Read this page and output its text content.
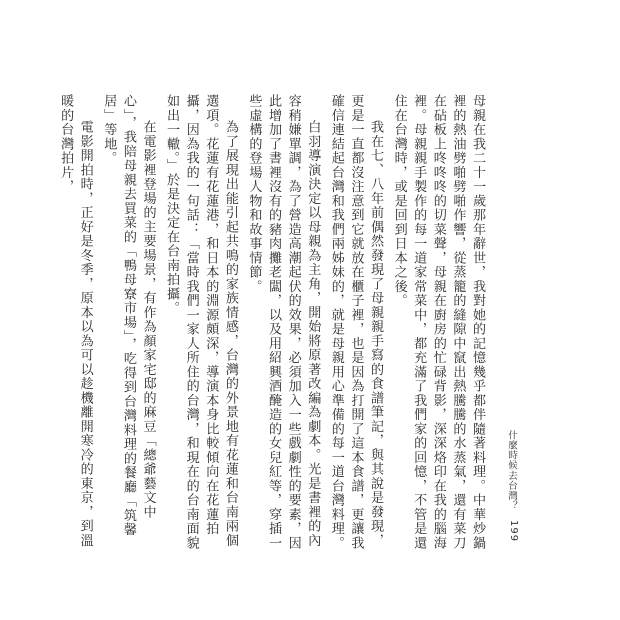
什麼時候去台灣？
199

母親在我二十一歲那年辭世，我對她的記憶幾乎都伴隨著料理。中華炒鍋裡的熱油劈啪劈啪作響，從蒸籠的縫隙中竄出熱騰騰的水蒸氣，還有菜刀在砧板上咚咚咚的切菜聲，母親在廚房的忙碌背影，深深烙印在我的腦海裡。母親親手製作的每一道家常菜中，都充滿了我們家的回憶，不管是還住在台灣時，或是回到日本之後。

我在七、八年前偶然發現了母親親手寫的食譜筆記，與其說是發現，更是一直都沒注意到它就放在櫃子裡，也是因為打開了這本食譜，更讓我確信連結起台灣和我們兩姊妹的，就是母親用心準備的每一道台灣料理。

白羽導演決定以母親為主角，開始將原著改編為劇本。光是書裡的內容稍嫌單調，為了營造高潮起伏的效果，必須加入一些戲劇性的要素，因此增加了書裡沒有的豬肉攤老闆，以及用紹興酒醃造的女兒紅等，穿插一些虛構的登場人物和故事情節。

為了展現出能引起共鳴的家族情感，台灣的外景地有花蓮和台南兩個選項。花蓮有花蓮港，和日本的淵源頗深，導演本身比較傾向在花蓮拍攝，因為我的一句話：「當時我們一家人所住的台灣，和現在的台南面貌如出一轍。」於是決定在台南拍攝。

在電影裡登場的主要場景，有作為顏家宅邸的麻豆「總爺藝文中心」，我陪母親去買菜的「鴨母寮市場」，吃得到台灣料理的餐廳「筑馨居」等地。

電影開拍時，正好是冬季，原本以為可以趁機離開寒冷的東京，到溫暖的台灣拍片，
